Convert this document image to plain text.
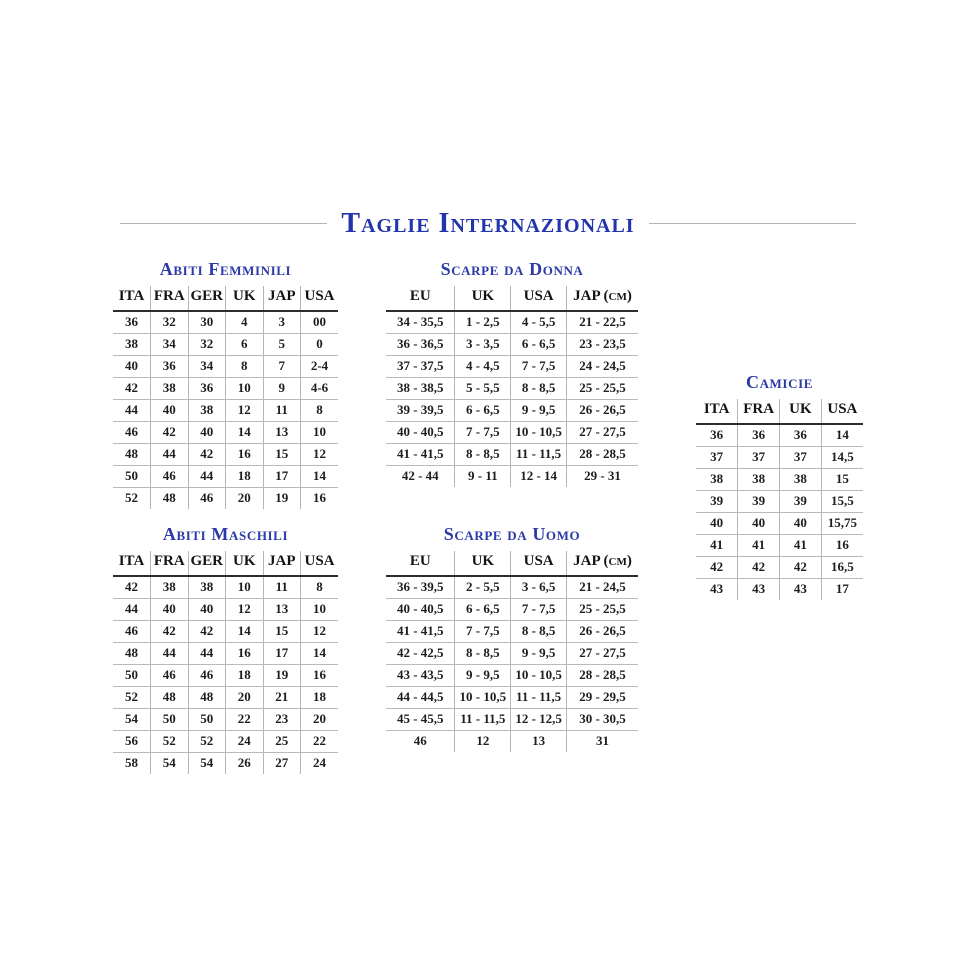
Taglie Internazionali
Abiti Femminili
ITA	FRA	GER	UK	JAP	USA
36	32	30	4	3	00
38	34	32	6	5	0
40	36	34	8	7	2-4
42	38	36	10	9	4-6
44	40	38	12	11	8
46	42	40	14	13	10
48	44	42	16	15	12
50	46	44	18	17	14
52	48	46	20	19	16
Scarpe da Donna
EU	UK	USA	JAP (cm)
34 - 35,5	1 - 2,5	4 - 5,5	21 - 22,5
36 - 36,5	3 - 3,5	6 - 6,5	23 - 23,5
37 - 37,5	4 - 4,5	7 - 7,5	24 - 24,5
38 - 38,5	5 - 5,5	8 - 8,5	25 - 25,5
39 - 39,5	6 - 6,5	9 - 9,5	26 - 26,5
40 - 40,5	7 - 7,5	10 - 10,5	27 - 27,5
41 - 41,5	8 - 8,5	11 - 11,5	28 - 28,5
42 - 44	9 - 11	12 - 14	29 - 31
Camicie
ITA	FRA	UK	USA
36	36	36	14
37	37	37	14,5
38	38	38	15
39	39	39	15,5
40	40	40	15,75
41	41	41	16
42	42	42	16,5
43	43	43	17
Abiti Maschili
ITA	FRA	GER	UK	JAP	USA
42	38	38	10	11	8
44	40	40	12	13	10
46	42	42	14	15	12
48	44	44	16	17	14
50	46	46	18	19	16
52	48	48	20	21	18
54	50	50	22	23	20
56	52	52	24	25	22
58	54	54	26	27	24
Scarpe da Uomo
EU	UK	USA	JAP (cm)
36 - 39,5	2 - 5,5	3 - 6,5	21 - 24,5
40 - 40,5	6 - 6,5	7 - 7,5	25 - 25,5
41 - 41,5	7 - 7,5	8 - 8,5	26 - 26,5
42 - 42,5	8 - 8,5	9 - 9,5	27 - 27,5
43 - 43,5	9 - 9,5	10 - 10,5	28 - 28,5
44 - 44,5	10 - 10,5	11 - 11,5	29 - 29,5
45 - 45,5	11 - 11,5	12 - 12,5	30 - 30,5
46	12	13	31
